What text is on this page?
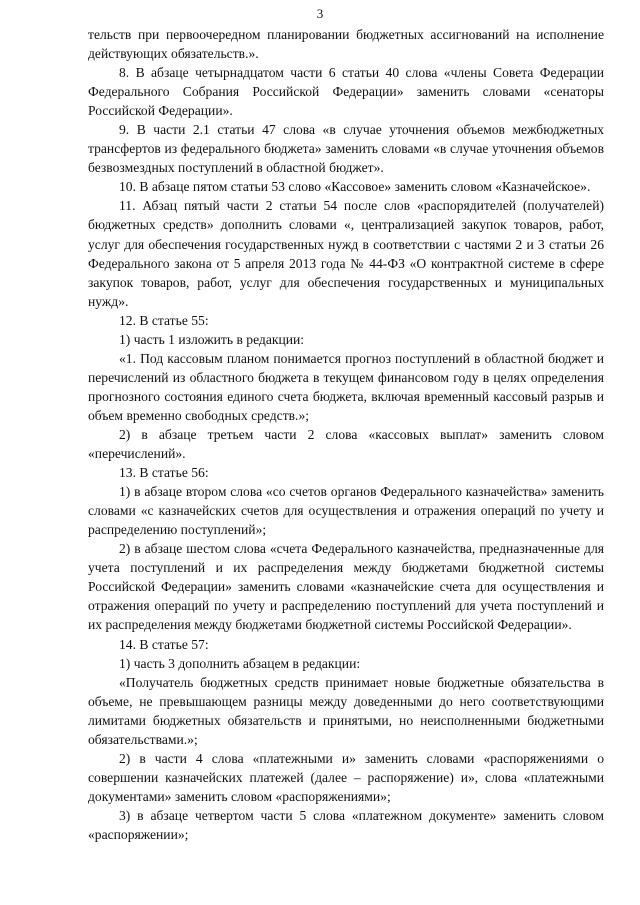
3

тельств при первоочередном планировании бюджетных ассигнований на исполнение действующих обязательств.».

8. В абзаце четырнадцатом части 6 статьи 40 слова «члены Совета Федерации Федерального Собрания Российской Федерации» заменить словами «сенаторы Российской Федерации».

9. В части 2.1 статьи 47 слова «в случае уточнения объемов межбюджетных трансфертов из федерального бюджета» заменить словами «в случае уточнения объемов безвозмездных поступлений в областной бюджет».

10. В абзаце пятом статьи 53 слово «Кассовое» заменить словом «Казначейское».

11. Абзац пятый части 2 статьи 54 после слов «распорядителей (получателей) бюджетных средств» дополнить словами «, централизацией закупок товаров, работ, услуг для обеспечения государственных нужд в соответствии с частями 2 и 3 статьи 26 Федерального закона от 5 апреля 2013 года № 44-ФЗ «О контрактной системе в сфере закупок товаров, работ, услуг для обеспечения государственных и муниципальных нужд».

12. В статье 55:

1) часть 1 изложить в редакции:

«1. Под кассовым планом понимается прогноз поступлений в областной бюджет и перечислений из областного бюджета в текущем финансовом году в целях определения прогнозного состояния единого счета бюджета, включая временный кассовый разрыв и объем временно свободных средств.»;

2) в абзаце третьем части 2 слова «кассовых выплат» заменить словом «перечислений».

13. В статье 56:

1) в абзаце втором слова «со счетов органов Федерального казначейства» заменить словами «с казначейских счетов для осуществления и отражения операций по учету и распределению поступлений»;

2) в абзаце шестом слова «счета Федерального казначейства, предназначенные для учета поступлений и их распределения между бюджетами бюджетной системы Российской Федерации» заменить словами «казначейские счета для осуществления и отражения операций по учету и распределению поступлений для учета поступлений и их распределения между бюджетами бюджетной системы Российской Федерации».

14. В статье 57:

1) часть 3 дополнить абзацем в редакции:

«Получатель бюджетных средств принимает новые бюджетные обязательства в объеме, не превышающем разницы между доведенными до него соответствующими лимитами бюджетных обязательств и принятыми, но неисполненными бюджетными обязательствами.»;

2) в части 4 слова «платежными и» заменить словами «распоряжениями о совершении казначейских платежей (далее – распоряжение) и», слова «платежными документами» заменить словом «распоряжениями»;

3) в абзаце четвертом части 5 слова «платежном документе» заменить словом «распоряжении»;
